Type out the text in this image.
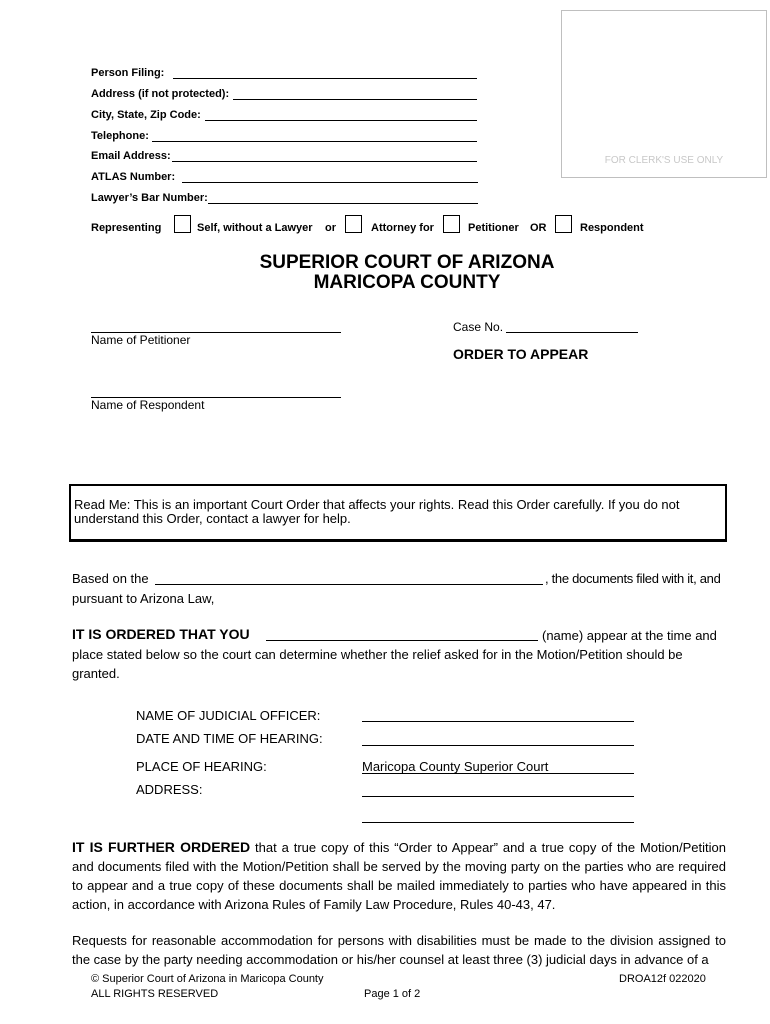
FOR CLERK'S USE ONLY
Person Filing:
Address (if not protected):
City, State, Zip Code:
Telephone:
Email Address:
ATLAS Number:
Lawyer’s Bar Number:
Representing	Self, without a Lawyer or	Attorney for	Petitioner OR	Respondent
SUPERIOR COURT OF ARIZONA
MARICOPA COUNTY
Name of Petitioner
Case No.
ORDER TO APPEAR
Name of Respondent
Read Me: This is an important Court Order that affects your rights. Read this Order carefully. If you do not understand this Order, contact a lawyer for help.
Based on the	, the documents filed with it, and
pursuant to Arizona Law,
IT IS ORDERED THAT YOU	(name) appear at the time and
place stated below so the court can determine whether the relief asked for in the Motion/Petition should be
granted.
NAME OF JUDICIAL OFFICER:
DATE AND TIME OF HEARING:
PLACE OF HEARING:	Maricopa County Superior Court
ADDRESS:
IT IS FURTHER ORDERED that a true copy of this “Order to Appear” and a true copy of the Motion/Petition and documents filed with the Motion/Petition shall be served by the moving party on the parties who are required to appear and a true copy of these documents shall be mailed immediately to parties who have appeared in this action, in accordance with Arizona Rules of Family Law Procedure, Rules 40-43, 47.
Requests for reasonable accommodation for persons with disabilities must be made to the division assigned to the case by the party needing accommodation or his/her counsel at least three (3) judicial days in advance of a
© Superior Court of Arizona in Maricopa County
ALL RIGHTS RESERVED	Page 1 of 2
DROA12f 022020
